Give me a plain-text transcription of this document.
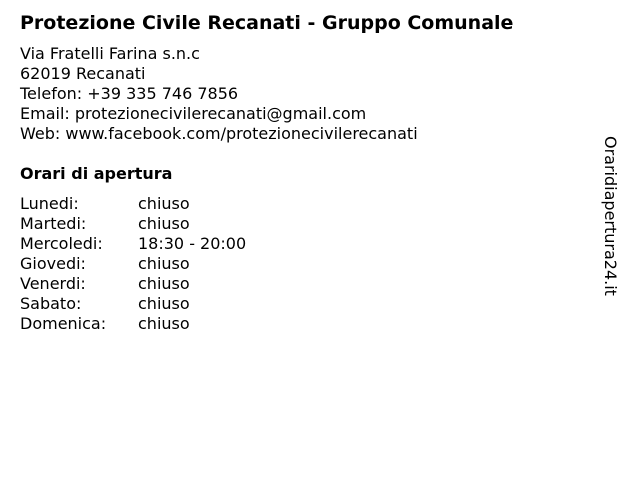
Protezione Civile Recanati - Gruppo Comunale
Via Fratelli Farina s.n.c
62019 Recanati
Telefon: +39 335 746 7856
Email: protezionecivilerecanati@gmail.com
Web: www.facebook.com/protezionecivilerecanati
Orari di apertura
Lunedi:	chiuso
Martedi:	chiuso
Mercoledi: 18:30 - 20:00
Giovedi:	chiuso
Venerdi:	chiuso
Sabato:	chiuso
Domenica: chiuso
Oraridiapertura24.it
